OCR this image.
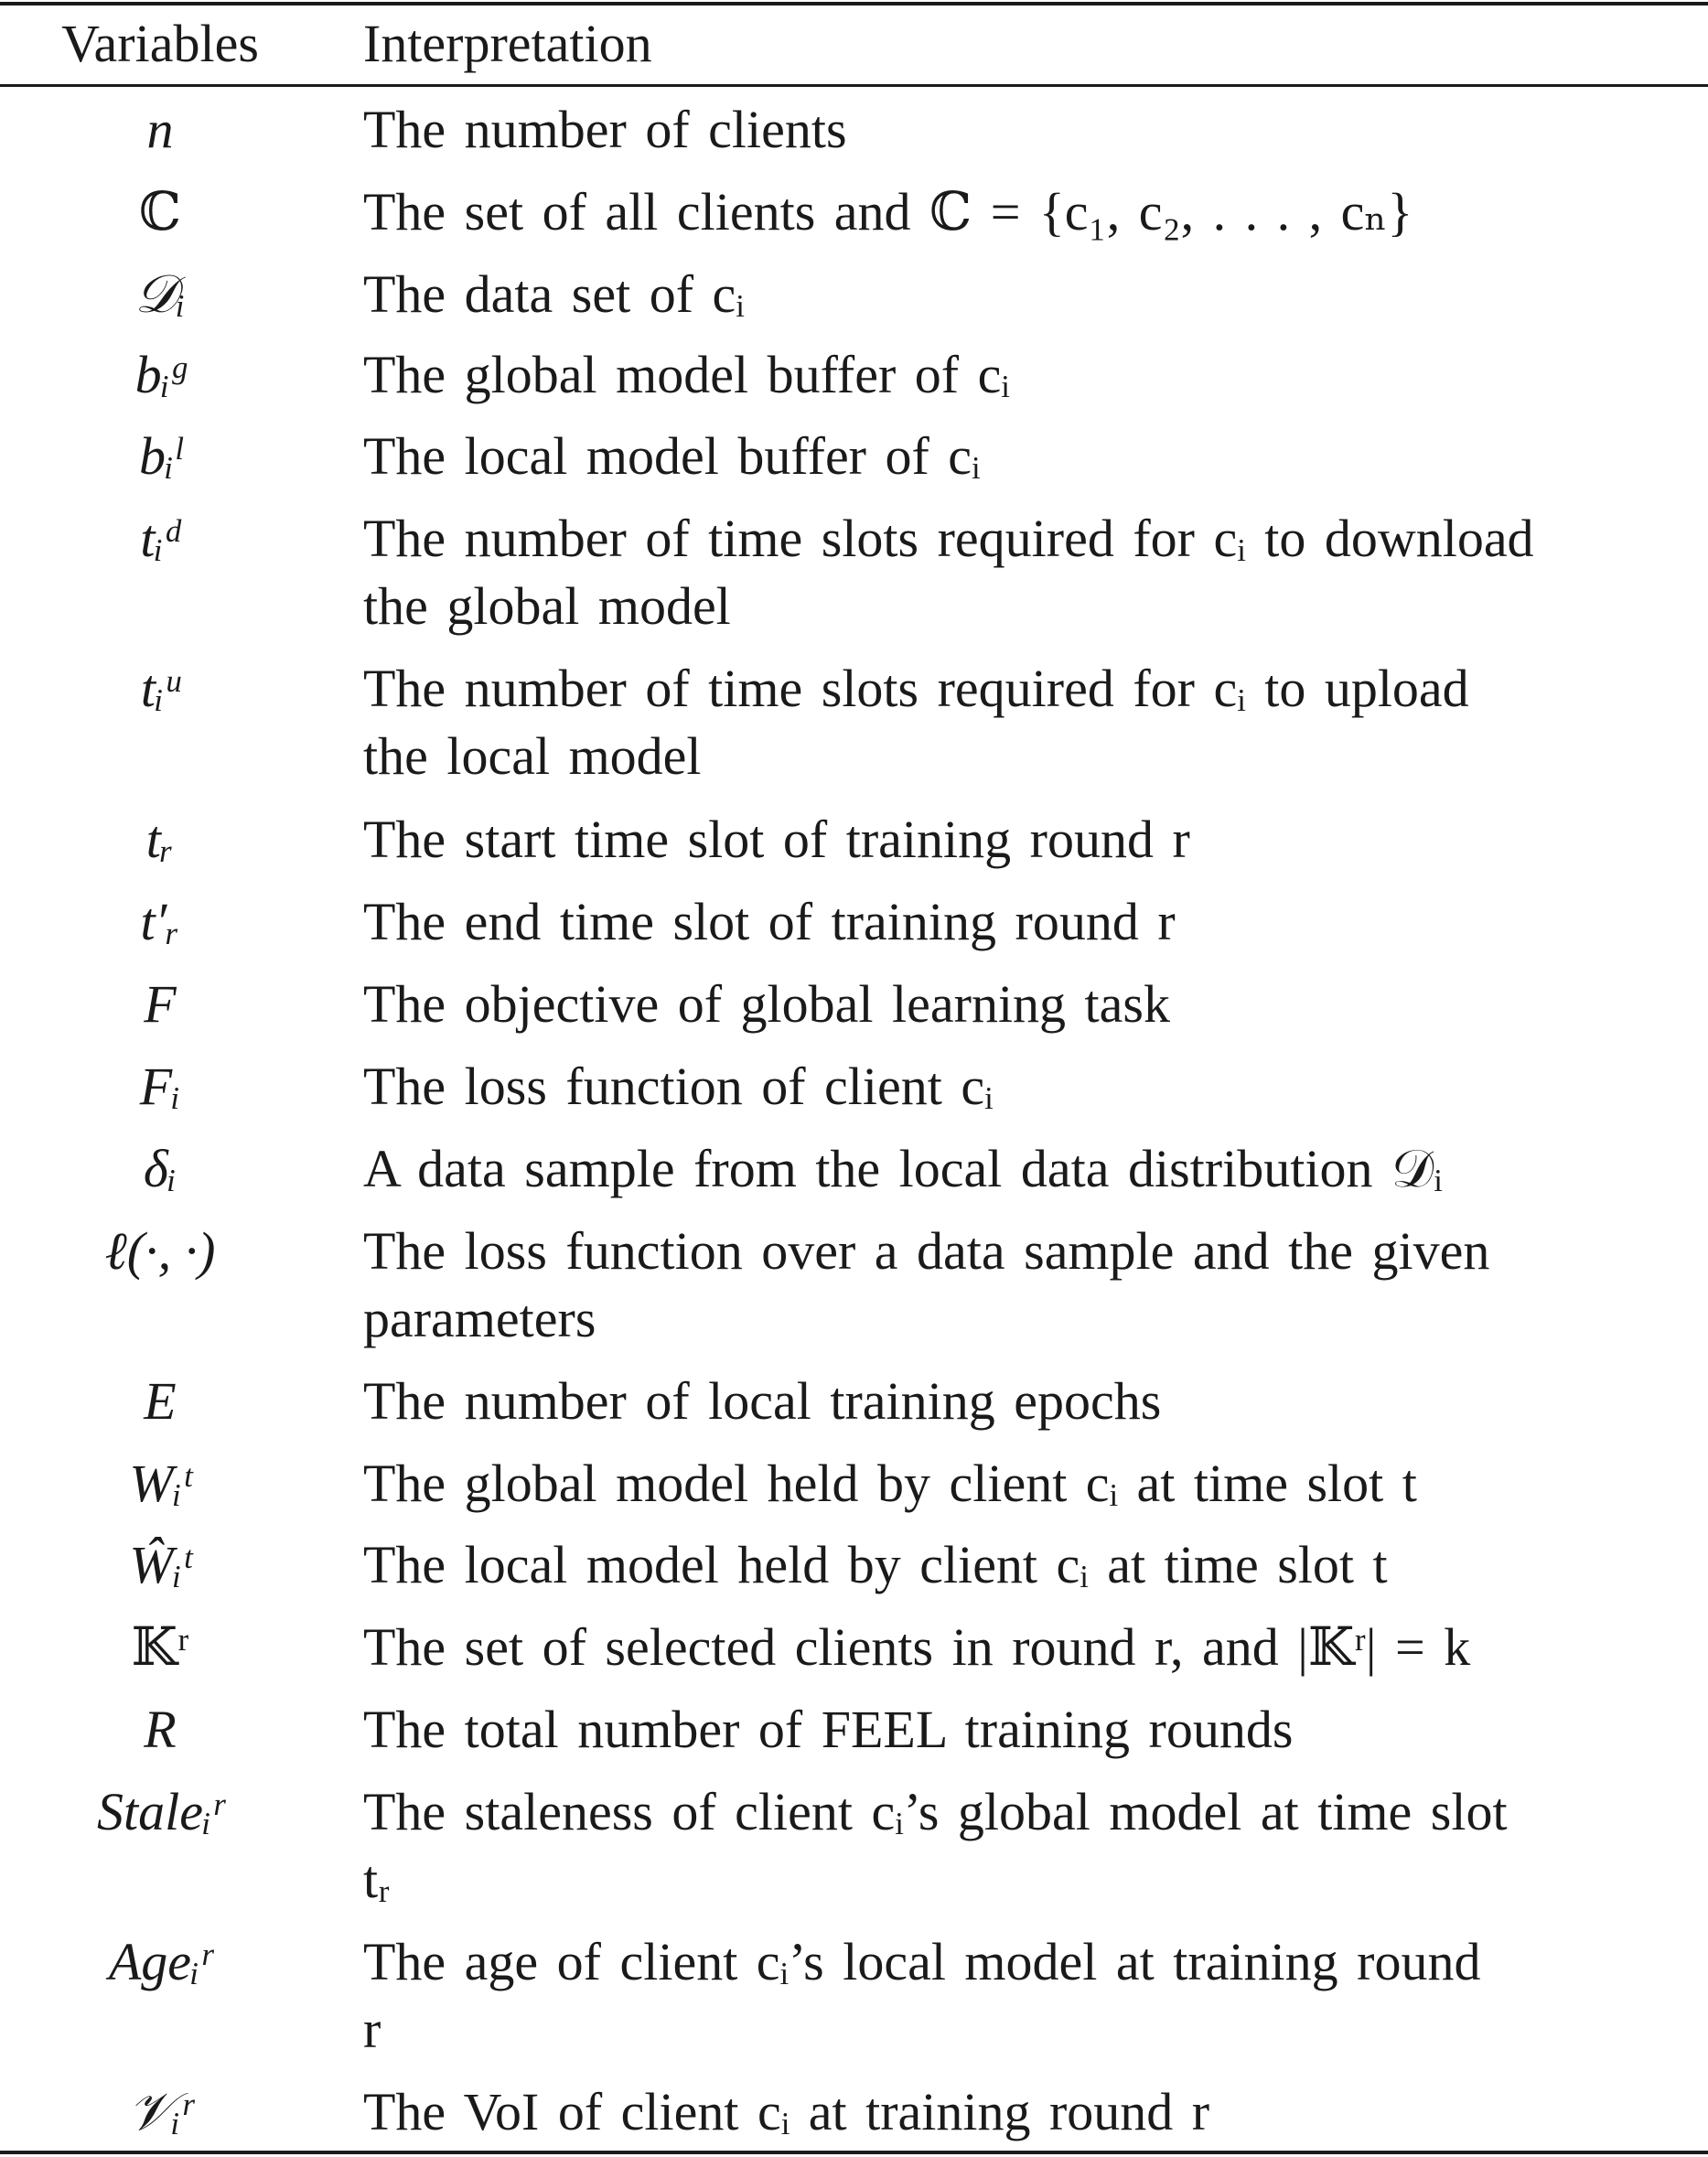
Variables	Interpretation
n	The number of clients
ℂ	The set of all clients and ℂ = {c₁, c₂, . . . , cₙ}
𝒟ᵢ	The data set of cᵢ
bᵢᵍ	The global model buffer of cᵢ
bᵢˡ	The local model buffer of cᵢ
tᵢᵈ	The number of time slots required for cᵢ to download
the global model
tᵢᵘ	The number of time slots required for cᵢ to upload
the local model
tᵣ	The start time slot of training round r
t′ᵣ	The end time slot of training round r
F	The objective of global learning task
Fᵢ	The loss function of client cᵢ
δᵢ	A data sample from the local data distribution 𝒟ᵢ
ℓ(·, ·)	The loss function over a data sample and the given
parameters
E	The number of local training epochs
Wᵢᵗ	The global model held by client cᵢ at time slot t
Ŵᵢᵗ	The local model held by client cᵢ at time slot t
𝕂ʳ	The set of selected clients in round r, and |𝕂ʳ| = k
R	The total number of FEEL training rounds
Staleᵢʳ	The staleness of client cᵢ’s global model at time slot
tᵣ
Ageᵢʳ	The age of client cᵢ’s local model at training round
r
𝒱ᵢʳ	The VoI of client cᵢ at training round r
